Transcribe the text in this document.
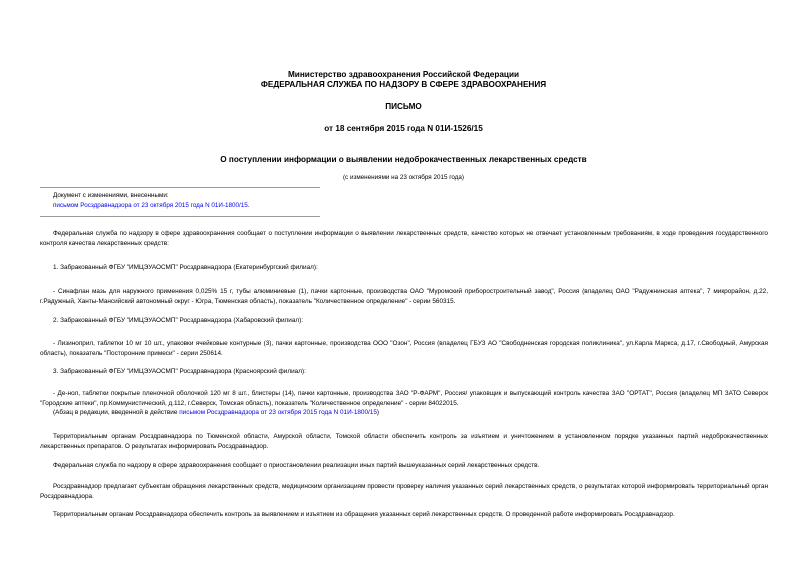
Министерство здравоохранения Российской Федерации
ФЕДЕРАЛЬНАЯ СЛУЖБА ПО НАДЗОРУ В СФЕРЕ ЗДРАВООХРАНЕНИЯ
ПИСЬМО
от 18 сентября 2015 года N 01И-1526/15
О поступлении информации о выявлении недоброкачественных лекарственных средств
(с изменениями на 23 октября 2015 года)
Документ с изменениями, внесенными:
письмом Росздравнадзора от 23 октября 2015 года N 01И-1800/15.
Федеральная служба по надзору в сфере здравоохранения сообщает о поступлении информации о выявлении лекарственных средств, качество которых не отвечает установленным требованиям, в ходе проведения государственного контроля качества лекарственных средств:
1. Забракованный ФГБУ "ИМЦЭУАОСМП" Росздравнадзора (Екатеринбургский филиал):
- Синафлан мазь для наружного применения 0,025% 15 г, тубы алюминиевые (1), пачки картонные, производства ОАО "Муромский приборостроительный завод", Россия (владелец ОАО "Радужнинская аптека", 7 микрорайон, д.22, г.Радужный, Ханты-Мансийский автономный округ - Югра, Тюменская область), показатель "Количественное определение" - серии 560315.
2. Забракованный ФГБУ "ИМЦЭУАОСМП" Росздравнадзора (Хабаровский филиал):
- Лизиноприл, таблетки 10 мг 10 шт., упаковки ячейковые контурные (3), пачки картонные, производства ООО "Озон", Россия (владелец ГБУЗ АО "Свободненская городская поликлиника", ул.Карла Маркса, д.17, г.Свободный, Амурская область), показатель "Посторонние примеси" - серии 250614.
3. Забракованный ФГБУ "ИМЦЭУАОСМП" Росздравнадзора (Красноярский филиал):
- Де-нол, таблетки покрытые пленочной оболочкой 120 мг 8 шт., блистеры (14), пачки картонные, производства ЗАО "Р-ФАРМ", Россия/ упаковщик и выпускающий контроль качества ЗАО "ОРТАТ", Россия (владелец МП ЗАТО Северск "Городские аптеки", пр.Коммунистический, д.112, г.Северск, Томская область), показатель "Количественное определение" - серии 84022015.
(Абзац в редакции, введенной в действие письмом Росздравнадзора от 23 октября 2015 года N 01И-1800/15)
Территориальным органам Росздравнадзора по Тюменской области, Амурской области, Томской области обеспечить контроль за изъятием и уничтожением в установленном порядке указанных партий недоброкачественных лекарственных препаратов. О результатах информировать Росздравнадзор.
Федеральная служба по надзору в сфере здравоохранения сообщает о приостановлении реализации иных партий вышеуказанных серий лекарственных средств.
Росздравнадзор предлагает субъектам обращения лекарственных средств, медицинским организациям провести проверку наличия указанных серий лекарственных средств, о результатах которой информировать территориальный орган Росздравнадзора.
Территориальным органам Росздравнадзора обеспечить контроль за выявлением и изъятием из обращения указанных серий лекарственных средств. О проведенной работе информировать Росздравнадзор.
